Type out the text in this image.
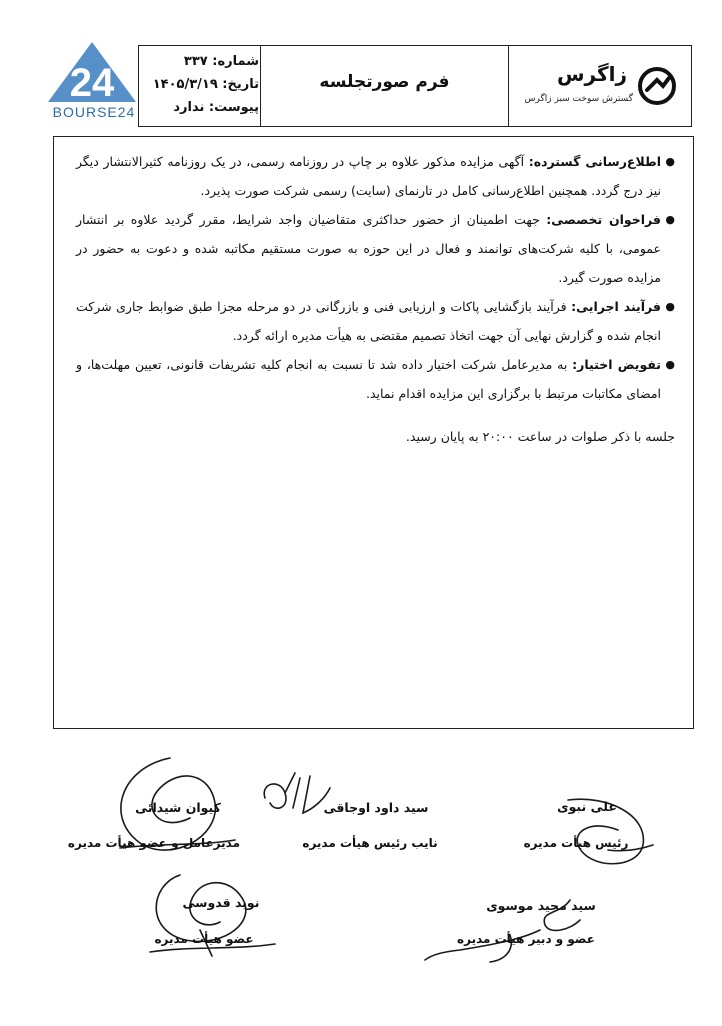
24
BOURSE24
شماره: ۳۳۷
تاریخ: ۱۴۰۵/۳/۱۹
پیوست: ندارد
فرم صورتجلسه	زاگرس
گسترش سوخت سبز زاگرس
●
اطلاع‌رسانی گسترده: آگهی مزایده مذکور علاوه بر چاپ در روزنامه رسمی، در یک روزنامه کثیرالانتشار دیگر نیز درج گردد. همچنین اطلاع‌رسانی کامل در تارنمای (سایت) رسمی شرکت صورت پذیرد.
●
فراخوان تخصصی: جهت اطمینان از حضور حداکثری متقاضیان واجد شرایط، مقرر گردید علاوه بر انتشار عمومی، با کلیه شرکت‌های توانمند و فعال در این حوزه به صورت مستقیم مکاتبه شده و دعوت به حضور در مزایده صورت گیرد.
●
فرآیند اجرایی: فرآیند بازگشایی پاکات و ارزیابی فنی و بازرگانی در دو مرحله مجزا طبق ضوابط جاری شرکت انجام شده و گزارش نهایی آن جهت اتخاذ تصمیم مقتضی به هیأت مدیره ارائه گردد.
●
تفویض اختیار: به مدیرعامل شرکت اختیار داده شد تا نسبت به انجام کلیه تشریفات قانونی، تعیین مهلت‌ها، و امضای مکاتبات مرتبط با برگزاری این مزایده اقدام نماید.
جلسه با ذکر صلوات در ساعت ۲۰:۰۰ به پایان رسید.
علی نبوی
رئیس هیأت مدیره
سید داود اوجاقی
نایب رئیس هیأت مدیره
کیوان شیدائی
مدیرعامل و عضو هیأت مدیره
سید مجید موسوی
عضو و دبیر هیأت مدیره
نوید قدوسی
عضو هیأت مدیره
